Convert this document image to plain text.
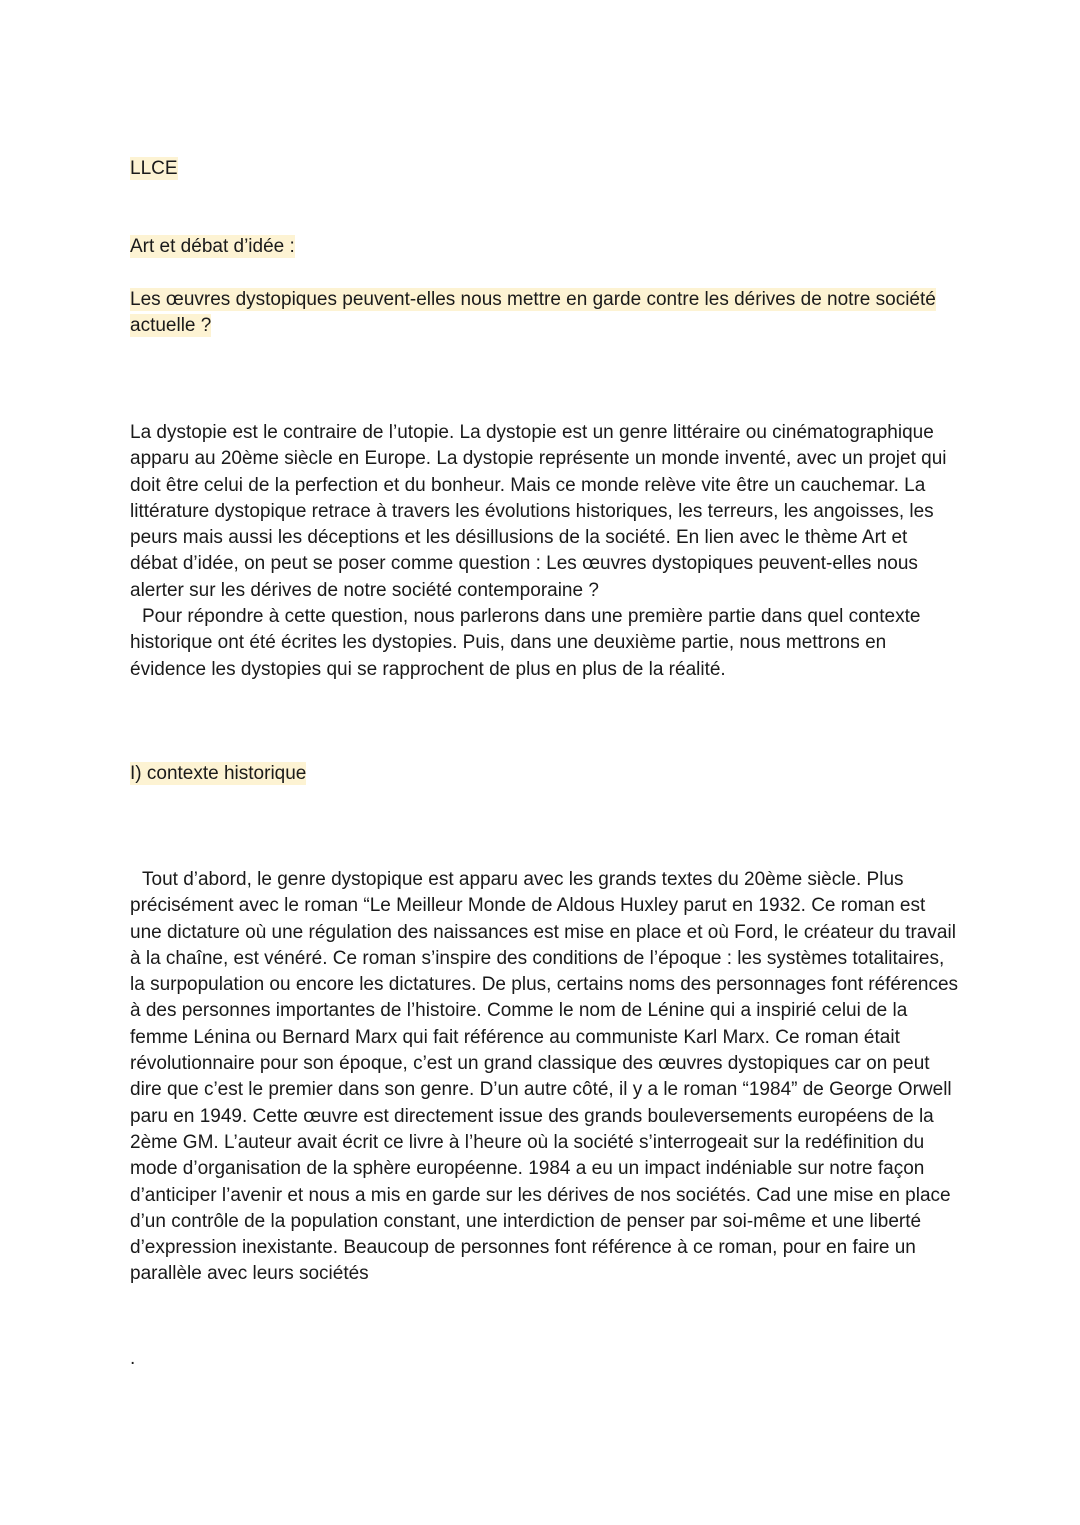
LLCE

Art et débat d’idée :

Les œuvres dystopiques peuvent-elles nous mettre en garde contre les dérives de notre société actuelle ?

La dystopie est le contraire de l’utopie. La dystopie est un genre littéraire ou cinématographique apparu au 20ème siècle en Europe. La dystopie représente un monde inventé, avec un projet qui doit être celui de la perfection et du bonheur. Mais ce monde relève vite être un cauchemar. La littérature dystopique retrace à travers les évolutions historiques, les terreurs, les angoisses, les peurs mais aussi les déceptions et les désillusions de la société. En lien avec le thème Art et débat d’idée, on peut se poser comme question : Les œuvres dystopiques peuvent-elles nous alerter sur les dérives de notre société contemporaine ?
Pour répondre à cette question, nous parlerons dans une première partie dans quel contexte historique ont été écrites les dystopies. Puis, dans une deuxième partie, nous mettrons en évidence les dystopies qui se rapprochent de plus en plus de la réalité.

I) contexte historique

Tout d’abord, le genre dystopique est apparu avec les grands textes du 20ème siècle. Plus précisément avec le roman “Le Meilleur Monde de Aldous Huxley parut en 1932. Ce roman est une dictature où une régulation des naissances est mise en place et où Ford, le créateur du travail à la chaîne, est vénéré. Ce roman s’inspire des conditions de l’époque : les systèmes totalitaires, la surpopulation ou encore les dictatures. De plus, certains noms des personnages font références à des personnes importantes de l’histoire. Comme le nom de Lénine qui a inspirié celui de la femme Lénina ou Bernard Marx qui fait référence au communiste Karl Marx. Ce roman était révolutionnaire pour son époque, c’est un grand classique des œuvres dystopiques car on peut dire que c’est le premier dans son genre. D’un autre côté, il y a le roman “1984” de George Orwell paru en 1949. Cette œuvre est directement issue des grands bouleversements européens de la 2ème GM. L’auteur avait écrit ce livre à l’heure où la société s’interrogeait sur la redéfinition du mode d’organisation de la sphère européenne. 1984 a eu un impact indéniable sur notre façon d’anticiper l’avenir et nous a mis en garde sur les dérives de nos sociétés. Cad une mise en place d’un contrôle de la population constant, une interdiction de penser par soi-même et une liberté d’expression inexistante. Beaucoup de personnes font référence à ce roman, pour en faire un parallèle avec leurs sociétés

.
